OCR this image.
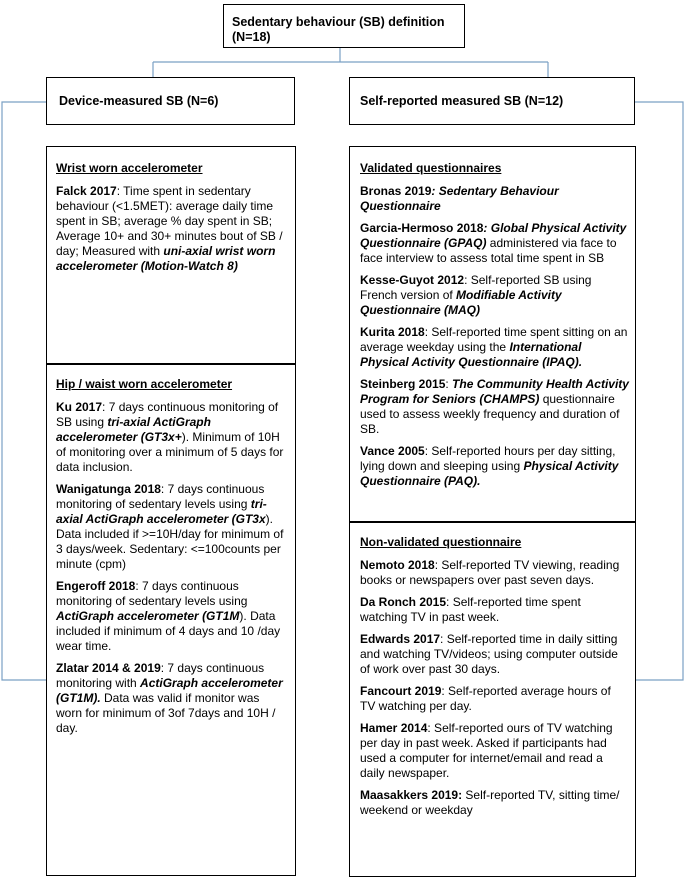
Sedentary behaviour (SB) definition
(N=18)
Device-measured SB (N=6)	Self-reported measured SB (N=12)
Wrist worn accelerometer
Falck 2017: Time spent in sedentary behaviour (<1.5MET): average daily time spent in SB; average % day spent in SB; Average 10+ and 30+ minutes bout of SB / day; Measured with uni-axial wrist worn accelerometer (Motion-Watch 8)
Hip / waist worn accelerometer
Ku 2017: 7 days continuous monitoring of SB using tri-axial ActiGraph accelerometer (GT3x+). Minimum of 10H of monitoring over a minimum of 5 days for data inclusion.
Wanigatunga 2018: 7 days continuous monitoring of sedentary levels using tri-axial ActiGraph accelerometer (GT3x). Data included if >=10H/day for minimum of 3 days/week. Sedentary: <=100counts per minute (cpm)
Engeroff 2018: 7 days continuous monitoring of sedentary levels using ActiGraph accelerometer (GT1M). Data included if minimum of 4 days and 10 /day wear time.
Zlatar 2014 & 2019: 7 days continuous monitoring with ActiGraph accelerometer (GT1M). Data was valid if monitor was worn for minimum of 3of 7days and 10H / day.
Validated questionnaires
Bronas 2019: Sedentary Behaviour Questionnaire
Garcia-Hermoso 2018: Global Physical Activity Questionnaire (GPAQ) administered via face to face interview to assess total time spent in SB
Kesse-Guyot 2012: Self-reported SB using French version of Modifiable Activity Questionnaire (MAQ)
Kurita 2018: Self-reported time spent sitting on an average weekday using the International Physical Activity Questionnaire (IPAQ).
Steinberg 2015: The Community Health Activity Program for Seniors (CHAMPS) questionnaire used to assess weekly frequency and duration of SB.
Vance 2005: Self-reported hours per day sitting, lying down and sleeping using Physical Activity Questionnaire (PAQ).
Non-validated questionnaire
Nemoto 2018: Self-reported TV viewing, reading books or newspapers over past seven days.
Da Ronch 2015: Self-reported time spent watching TV in past week.
Edwards 2017: Self-reported time in daily sitting and watching TV/videos; using computer outside of work over past 30 days.
Fancourt 2019: Self-reported average hours of TV watching per day.
Hamer 2014: Self-reported ours of TV watching per day in past week. Asked if participants had used a computer for internet/email and read a daily newspaper.
Maasakkers 2019: Self-reported TV, sitting time/ weekend or weekday
